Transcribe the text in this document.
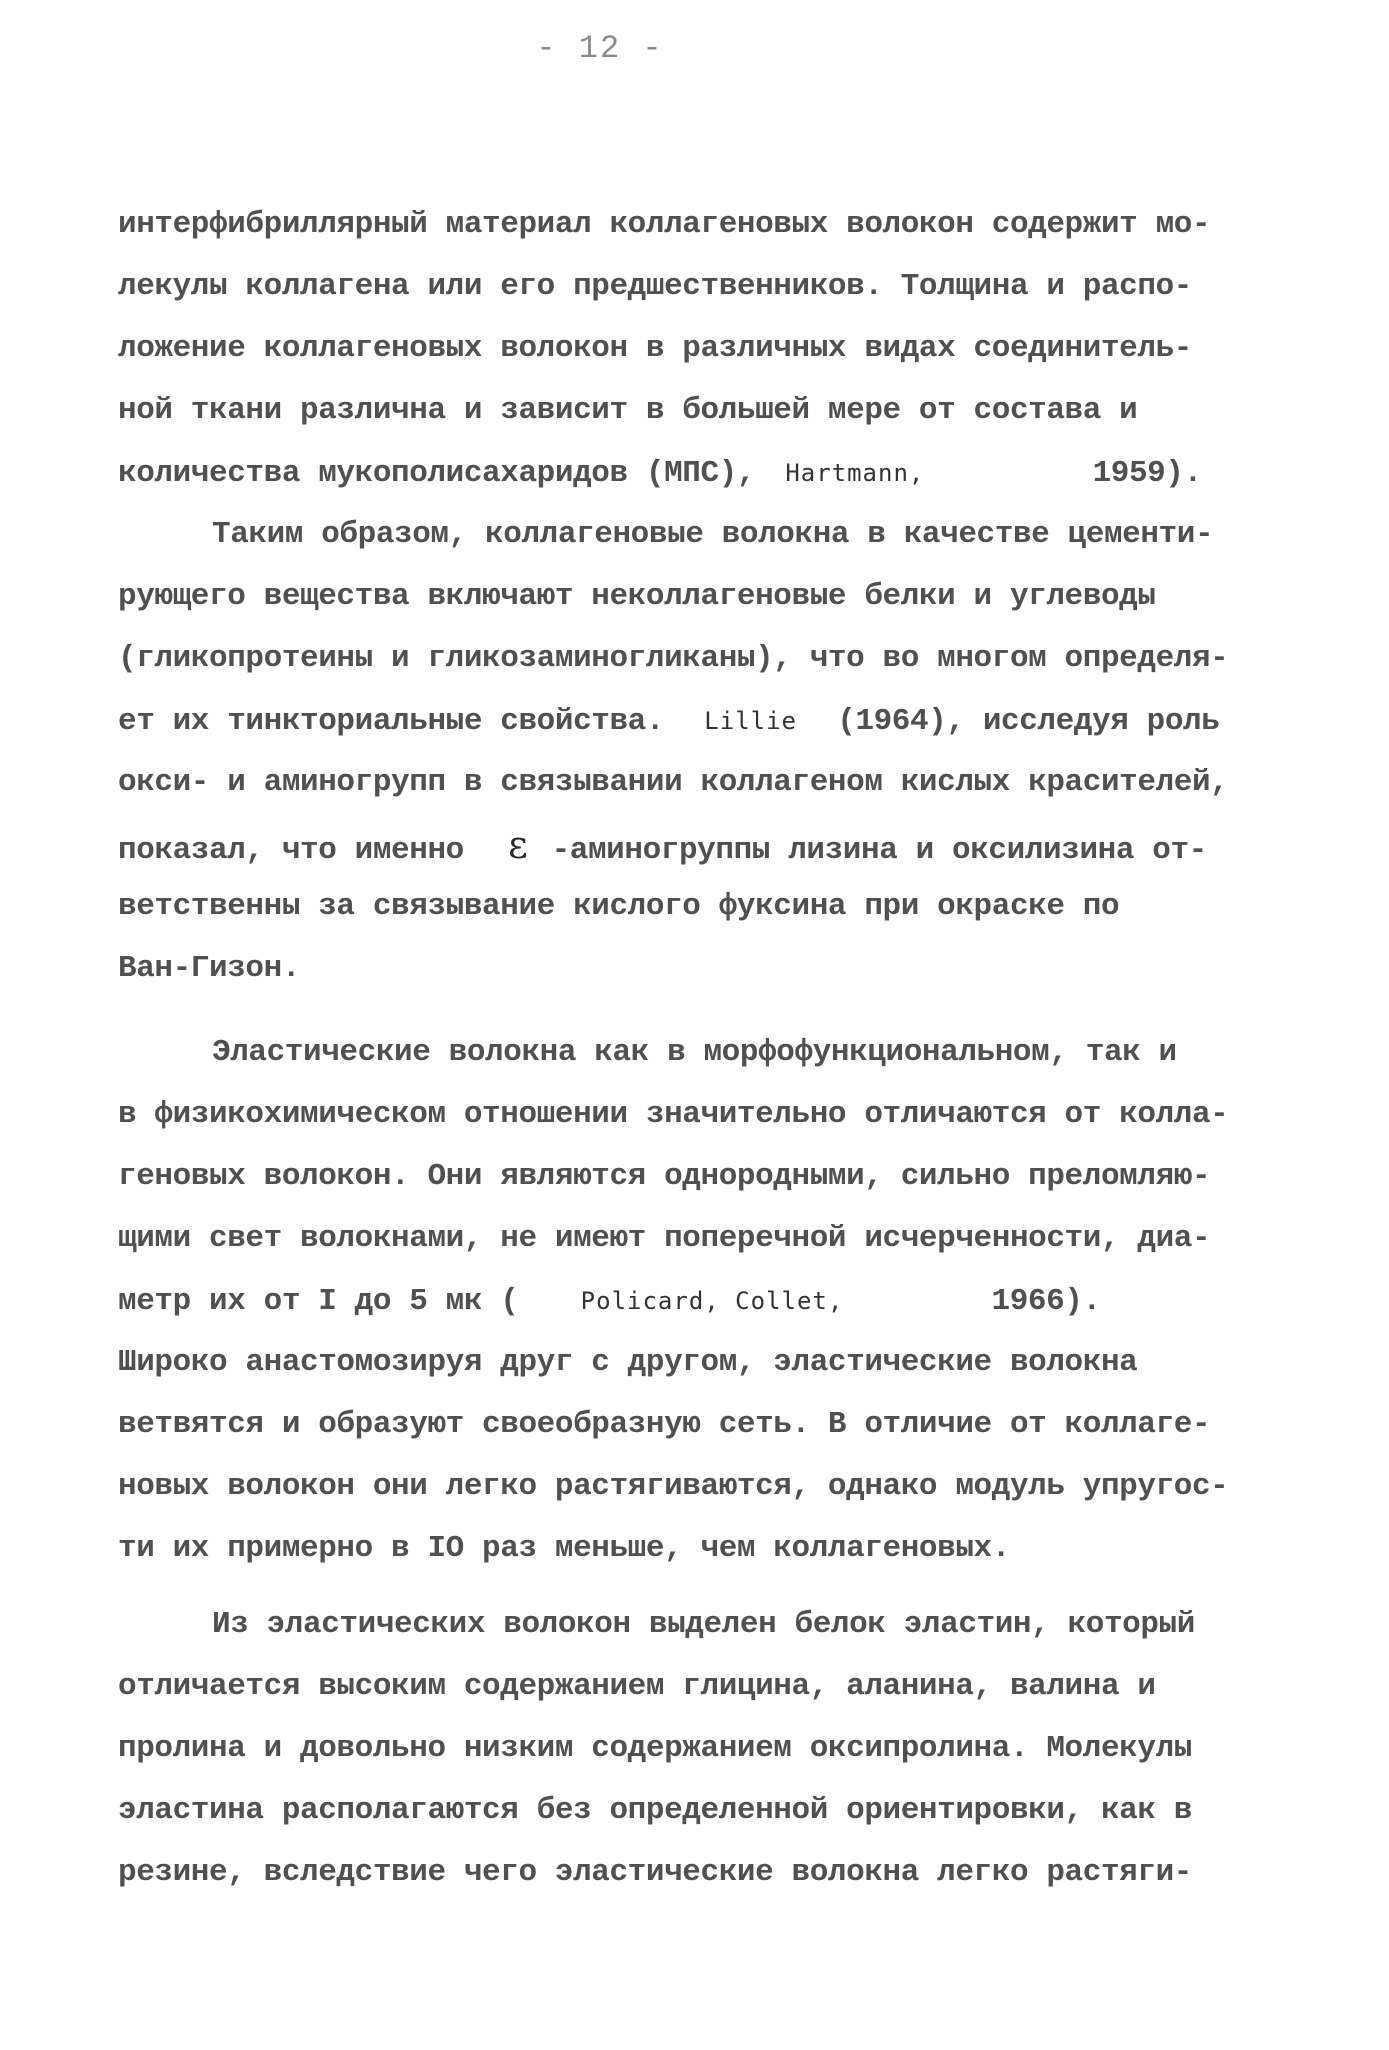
- 12 -
интерфибриллярный материал коллагеновых волокон содержит мо-
лекулы коллагена или его предшественников. Толщина и распо-
ложение коллагеновых волокон в различных видах соединитель-
ной ткани различна и зависит в большей мере от состава и
количества мукополисахаридов (МПС), Hartmann,	1959).
Таким образом, коллагеновые волокна в качестве цементи-
рующего вещества включают неколлагеновые белки и углеводы
(гликопротеины и гликозаминогликаны), что во многом определя-
ет их тинкториальные свойства. Lillie (1964), исследуя роль
окси- и аминогрупп в связывании коллагеном кислых красителей,
показал, что именно ε -аминогруппы лизина и оксилизина от-
ветственны за связывание кислого фуксина при окраске по
Ван-Гизон.
Эластические волокна как в морфофункциональном, так и
в физикохимическом отношении значительно отличаются от колла-
геновых волокон. Они являются однородными, сильно преломляю-
щими свет волокнами, не имеют поперечной исчерченности, диа-
метр их от I до 5 мк (	Policard, Collet,	1966).
Широко анастомозируя друг с другом, эластические волокна
ветвятся и образуют своеобразную сеть. В отличие от коллаге-
новых волокон они легко растягиваются, однако модуль упругос-
ти их примерно в IO раз меньше, чем коллагеновых.
Из эластических волокон выделен белок эластин, который
отличается высоким содержанием глицина, аланина, валина и
пролина и довольно низким содержанием оксипролина. Молекулы
эластина располагаются без определенной ориентировки, как в
резине, вследствие чего эластические волокна легко растяги-
